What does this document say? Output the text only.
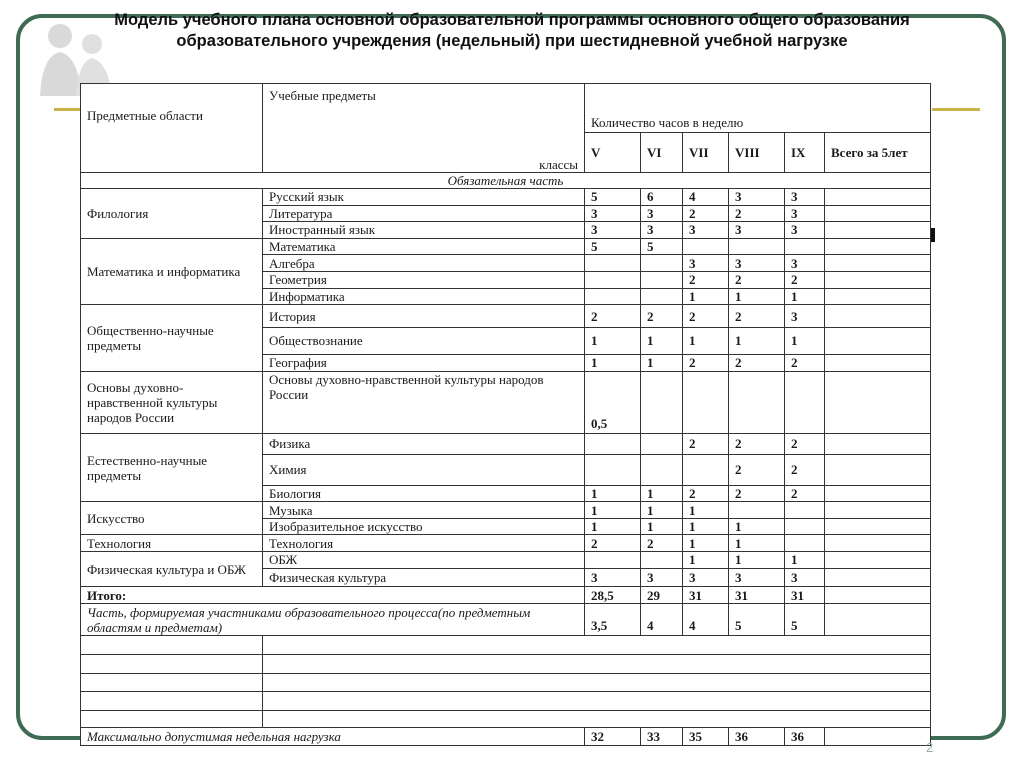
Модель учебного плана основной образовательной программы основного общего образования образовательного учреждения (недельный) при шестидневной учебной нагрузке
Предметные области	Учебные предметы
классы	Количество часов в неделю					
		V	VI	VII	VIII	IX	Всего за 5лет
Обязательная часть							
Филология	Русский язык	5	6	4	3	3	
	Литература	3	3	2	2	3	
	Иностранный язык	3	3	3	3	3	
Математика и информатика	Математика	5	5				
	Алгебра			3	3	3	
	Геометрия			2	2	2	
	Информатика			1	1	1	
Общественно-научные предметы	История	2	2	2	2	3	
	Обществознание	1	1	1	1	1	
	География	1	1	2	2	2	
Основы духовно-нравственной культуры народов России	Основы духовно-нравственной культуры народов России	0,5					
Естественно-научные предметы	Физика			2	2	2	
	Химия				2	2	
	Биология	1	1	2	2	2	
Искусство	Музыка	1	1	1			
	Изобразительное искусство	1	1	1	1		
Технология	Технология	2	2	1	1		
Физическая культура и ОБЖ	ОБЖ			1	1	1	
	Физическая культура	3	3	3	3	3	
Итого:		28,5	29	31	31	31	
Часть, формируемая участниками образовательного процесса(по предметным областям и предметам)		3,5	4	4	5	5	

Максимально допустимая недельная нагрузка		32	33	35	36	36	
2
